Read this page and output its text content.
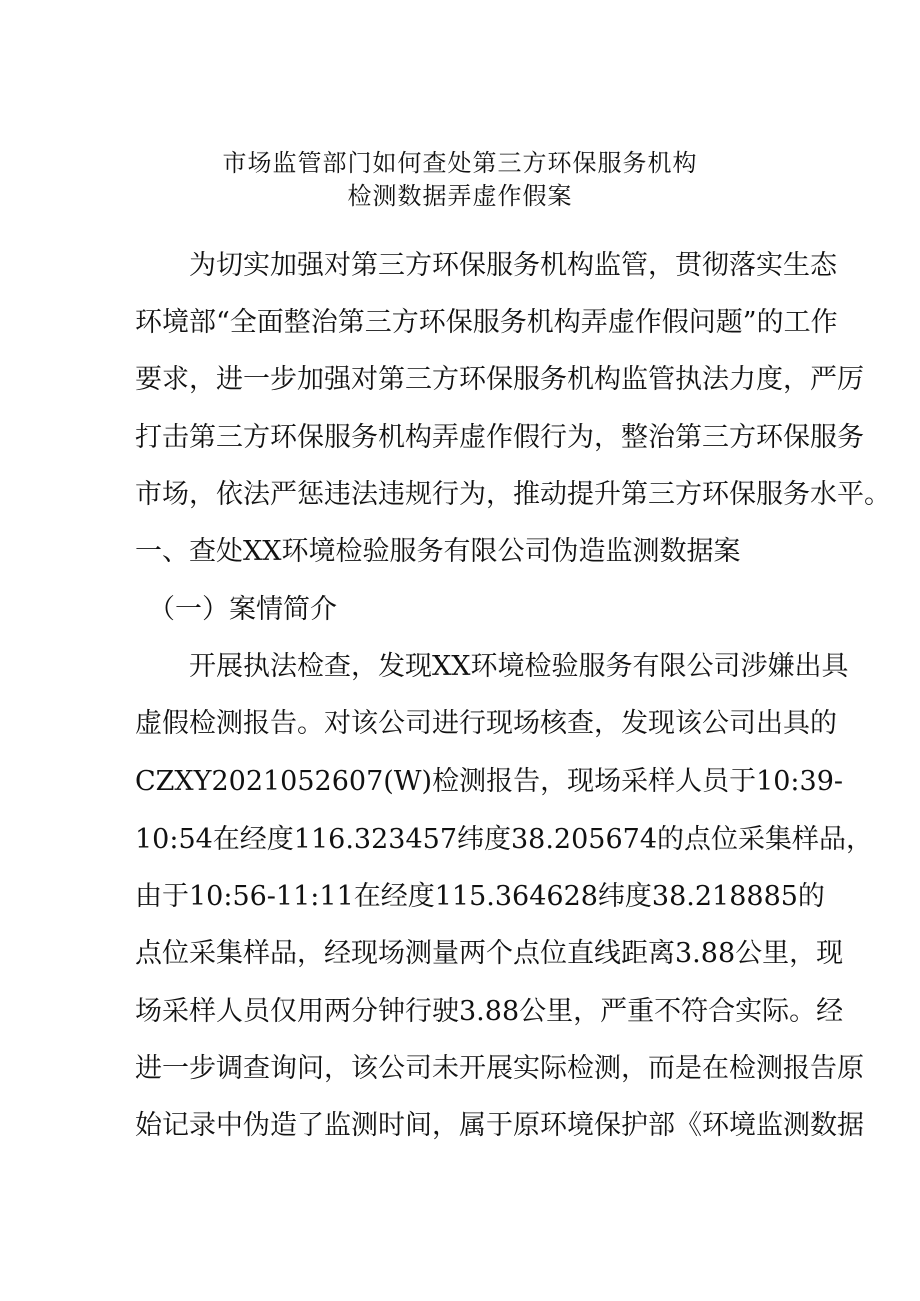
市场监管部门如何查处第三方环保服务机构
检测数据弄虚作假案
为切实加强对第三方环保服务机构监管，贯彻落实生态
环境部“全面整治第三方环保服务机构弄虚作假问题”的工作
要求，进一步加强对第三方环保服务机构监管执法力度，严厉
打击第三方环保服务机构弄虚作假行为，整治第三方环保服务
市场，依法严惩违法违规行为，推动提升第三方环保服务水平。
一、查处XX环境检验服务有限公司伪造监测数据案
（一）案情简介
开展执法检查，发现XX环境检验服务有限公司涉嫌出具
虚假检测报告。对该公司进行现场核查，发现该公司出具的
CZXY2021052607(W)检测报告，现场采样人员于10:39-
10:54在经度116.323457纬度38.205674的点位采集样品，
由于10:56-11:11在经度115.364628纬度38.218885的
点位采集样品，经现场测量两个点位直线距离3.88公里，现
场采样人员仅用两分钟行驶3.88公里，严重不符合实际。经
进一步调查询问，该公司未开展实际检测，而是在检测报告原
始记录中伪造了监测时间，属于原环境保护部《环境监测数据
